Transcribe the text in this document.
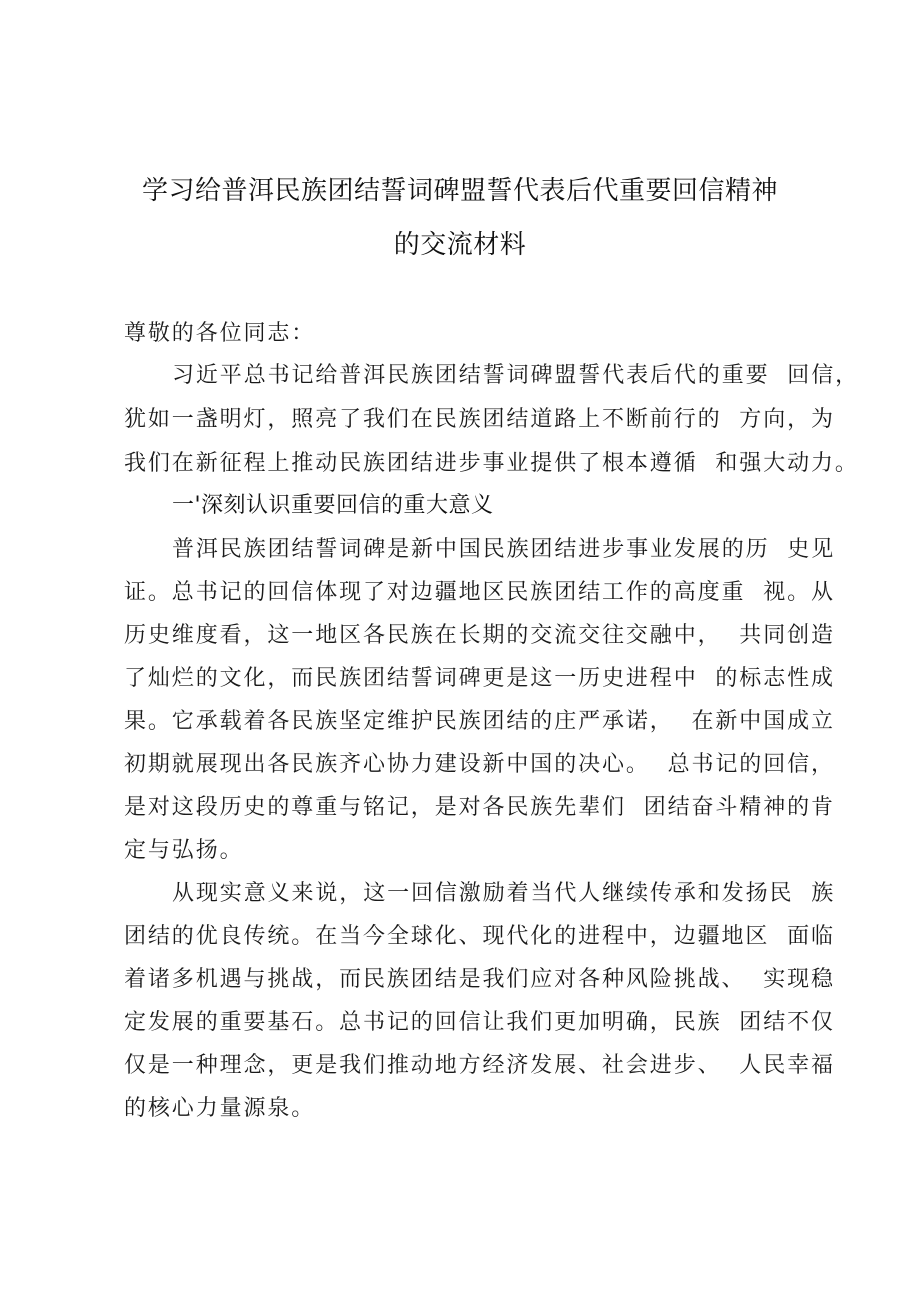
学习给普洱民族团结誓词碑盟誓代表后代重要回信精神
的交流材料
尊敬的各位同志：
习近平总书记给普洱民族团结誓词碑盟誓代表后代的重要  回信，
犹如一盏明灯，照亮了我们在民族团结道路上不断前行的  方向，为
我们在新征程上推动民族团结进步事业提供了根本遵循  和强大动力。
一'深刻认识重要回信的重大意义
普洱民族团结誓词碑是新中国民族团结进步事业发展的历  史见
证。总书记的回信体现了对边疆地区民族团结工作的高度重  视。从
历史维度看，这一地区各民族在长期的交流交往交融中，  共同创造
了灿烂的文化，而民族团结誓词碑更是这一历史进程中  的标志性成
果。它承载着各民族坚定维护民族团结的庄严承诺，  在新中国成立
初期就展现出各民族齐心协力建设新中国的决心。  总书记的回信，
是对这段历史的尊重与铭记，是对各民族先辈们  团结奋斗精神的肯
定与弘扬。
从现实意义来说，这一回信激励着当代人继续传承和发扬民  族
团结的优良传统。在当今全球化、现代化的进程中，边疆地区  面临
着诸多机遇与挑战，而民族团结是我们应对各种风险挑战、  实现稳
定发展的重要基石。总书记的回信让我们更加明确，民族  团结不仅
仅是一种理念，更是我们推动地方经济发展、社会进步、  人民幸福
的核心力量源泉。
